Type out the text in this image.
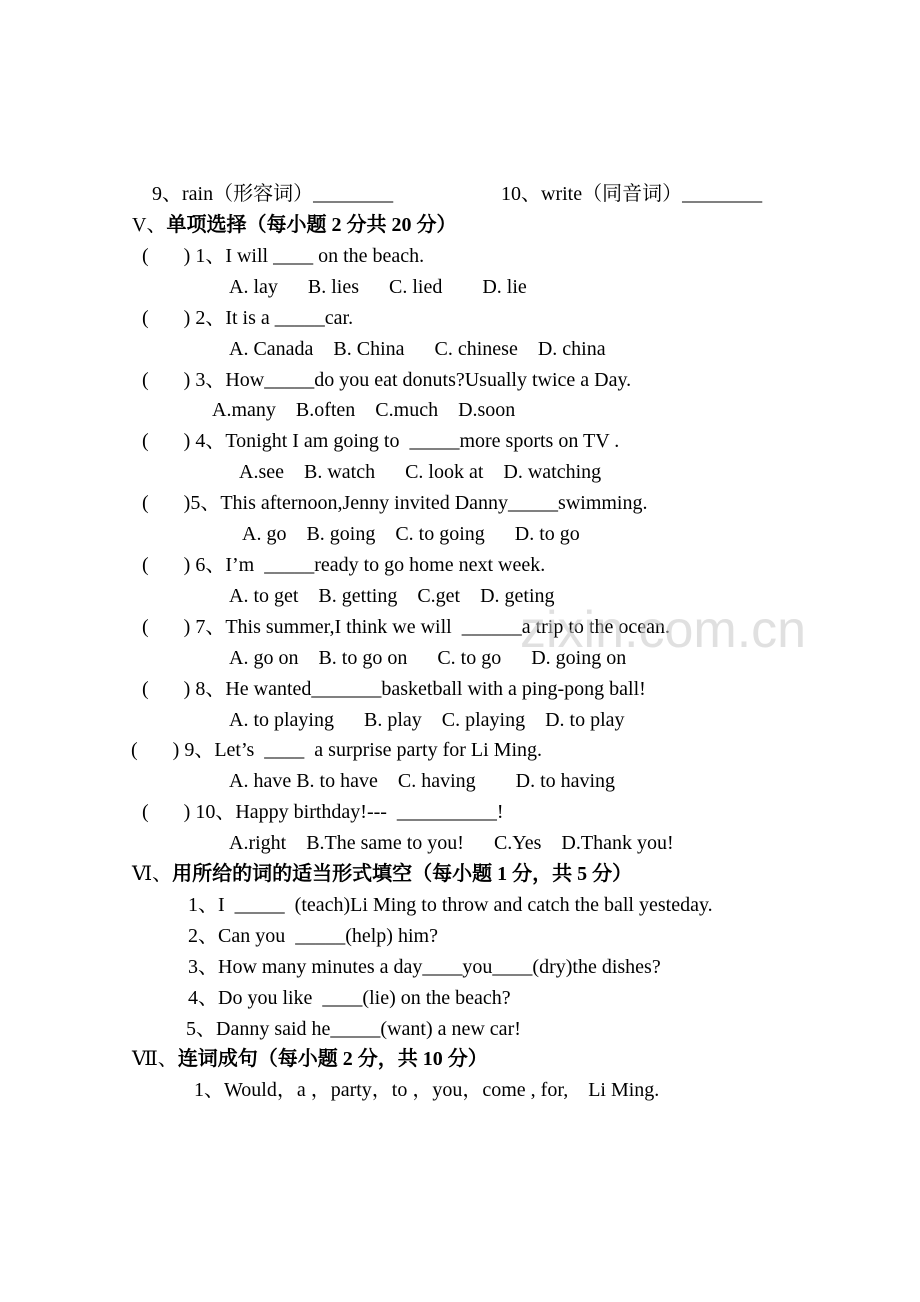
9、rain（形容词）________	10、write（同音词）________
V、单项选择（每小题 2 分共 20 分）
(       ) 1、I will ____ on the beach.
A. lay      B. lies      C. lied        D. lie
(       ) 2、It is a _____car.
A. Canada    B. China      C. chinese    D. china
(       ) 3、How_____do you eat donuts?Usually twice a Day.
A.many    B.often    C.much    D.soon
(       ) 4、Tonight I am going to  _____more sports on TV .
A.see    B. watch      C. look at    D. watching
(       )5、This afternoon,Jenny invited Danny_____swimming.
A. go    B. going    C. to going      D. to go
(       ) 6、I’m  _____ready to go home next week.
A. to get    B. getting    C.get    D. geting
(       ) 7、This summer,I think we will  ______a trip to the ocean.
A. go on    B. to go on      C. to go      D. going on
(       ) 8、He wanted_______basketball with a ping-pong ball!
A. to playing      B. play    C. playing    D. to play
(       ) 9、Let’s  ____  a surprise party for Li Ming.
A. have B. to have    C. having        D. to having
(       ) 10、Happy birthday!---  __________!
A.right    B.The same to you!      C.Yes    D.Thank you!
Ⅵ、用所给的词的适当形式填空（每小题 1 分，共 5 分）
1、I  _____  (teach)Li Ming to throw and catch the ball yesteday.
2、Can you  _____(help) him?
3、How many minutes a day____you____(dry)the dishes?
4、Do you like  ____(lie) on the beach?
5、Danny said he_____(want) a new car!
Ⅶ、连词成句（每小题 2 分，共 10 分）
1、Would，a ，party，to ，you，come , for,    Li Ming.
zixin.com.cn
